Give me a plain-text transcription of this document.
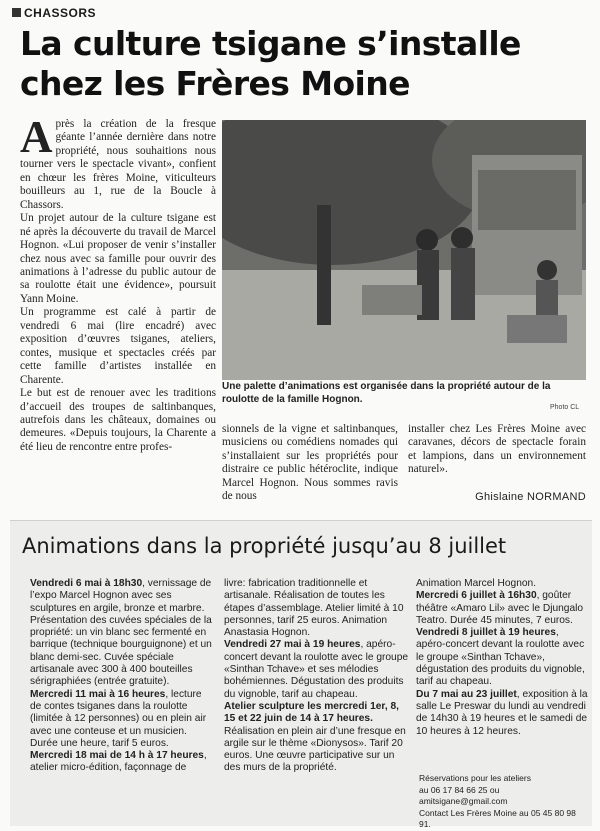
CHASSORS
La culture tsigane s’installe
chez les Frères Moine

Après la création de la fresque géante l’année dernière dans notre propriété, nous souhaitions nous tourner vers le spectacle vivant», confient en chœur les frères Moine, viticulteurs bouilleurs au 1, rue de la Boucle à Chassors.

Un projet autour de la culture tsigane est né après la découverte du travail de Marcel Hognon. «Lui proposer de venir s’installer chez nous avec sa famille pour ouvrir des animations à l’adresse du public autour de sa roulotte était une évidence», poursuit Yann Moine.

Un programme est calé à partir de vendredi 6 mai (lire encadré) avec exposition d’œuvres tsiganes, ateliers, contes, musique et spectacles créés par cette famille d’artistes installée en Charente.

Le but est de renouer avec les traditions d’accueil des troupes de saltinbanques, autrefois dans les châteaux, domaines ou demeures. «Depuis toujours, la Charente a été lieu de rencontre entre profes-

Une palette d’animations est organisée dans la propriété autour de la roulotte de la famille Hognon.
Photo CL
sionnels de la vigne et saltinbanques, musiciens ou comédiens nomades qui s’installaient sur les propriétés pour distraire ce public hétéroclite, indique Marcel Hognon. Nous sommes ravis de nous
installer chez Les Frères Moine avec caravanes, décors de spectacle forain et lampions, dans un environnement naturel».
Ghislaine NORMAND
Animations dans la propriété jusqu’au 8 juillet

Vendredi 6 mai à 18h30, vernissage de l’expo Marcel Hognon avec ses sculptures en argile, bronze et marbre. Présentation des cuvées spéciales de la propriété: un vin blanc sec fermenté en barrique (technique bourguignone) et un blanc demi-sec. Cuvée spéciale artisanale avec 300 à 400 bouteilles sérigraphiées (entrée gratuite).

Mercredi 11 mai à 16 heures, lecture de contes tsiganes dans la roulotte (limitée à 12 personnes) ou en plein air avec une conteuse et un musicien. Durée une heure, tarif 5 euros.

Mercredi 18 mai de 14 h à 17 heures, atelier micro-édition, façonnage de

livre: fabrication traditionnelle et artisanale. Réalisation de toutes les étapes d’assemblage. Atelier limité à 10 personnes, tarif 25 euros. Animation Anastasia Hognon.

Vendredi 27 mai à 19 heures, apéro-concert devant la roulotte avec le groupe «Sinthan Tchave» et ses mélodies bohémiennes. Dégustation des produits du vignoble, tarif au chapeau.

Atelier sculpture les mercredi 1er, 8, 15 et 22 juin de 14 à 17 heures. Réalisation en plein air d’une fresque en argile sur le thème «Dionysos». Tarif 20 euros. Une œuvre participative sur un des murs de la propriété.

Animation Marcel Hognon.

Mercredi 6 juillet à 16h30, goûter théâtre «Amaro Lil» avec le Djungalo Teatro. Durée 45 minutes, 7 euros.

Vendredi 8 juillet à 19 heures, apéro-concert devant la roulotte avec le groupe «Sinthan Tchave», dégustation des produits du vignoble, tarif au chapeau.

Du 7 mai au 23 juillet, exposition à la salle Le Preswar du lundi au vendredi de 14h30 à 19 heures et le samedi de 10 heures à 12 heures.

Réservations pour les ateliers

au 06 17 84 66 25 ou amitsigane@gmail.com

Contact Les Frères Moine au 05 45 80 98 91.
